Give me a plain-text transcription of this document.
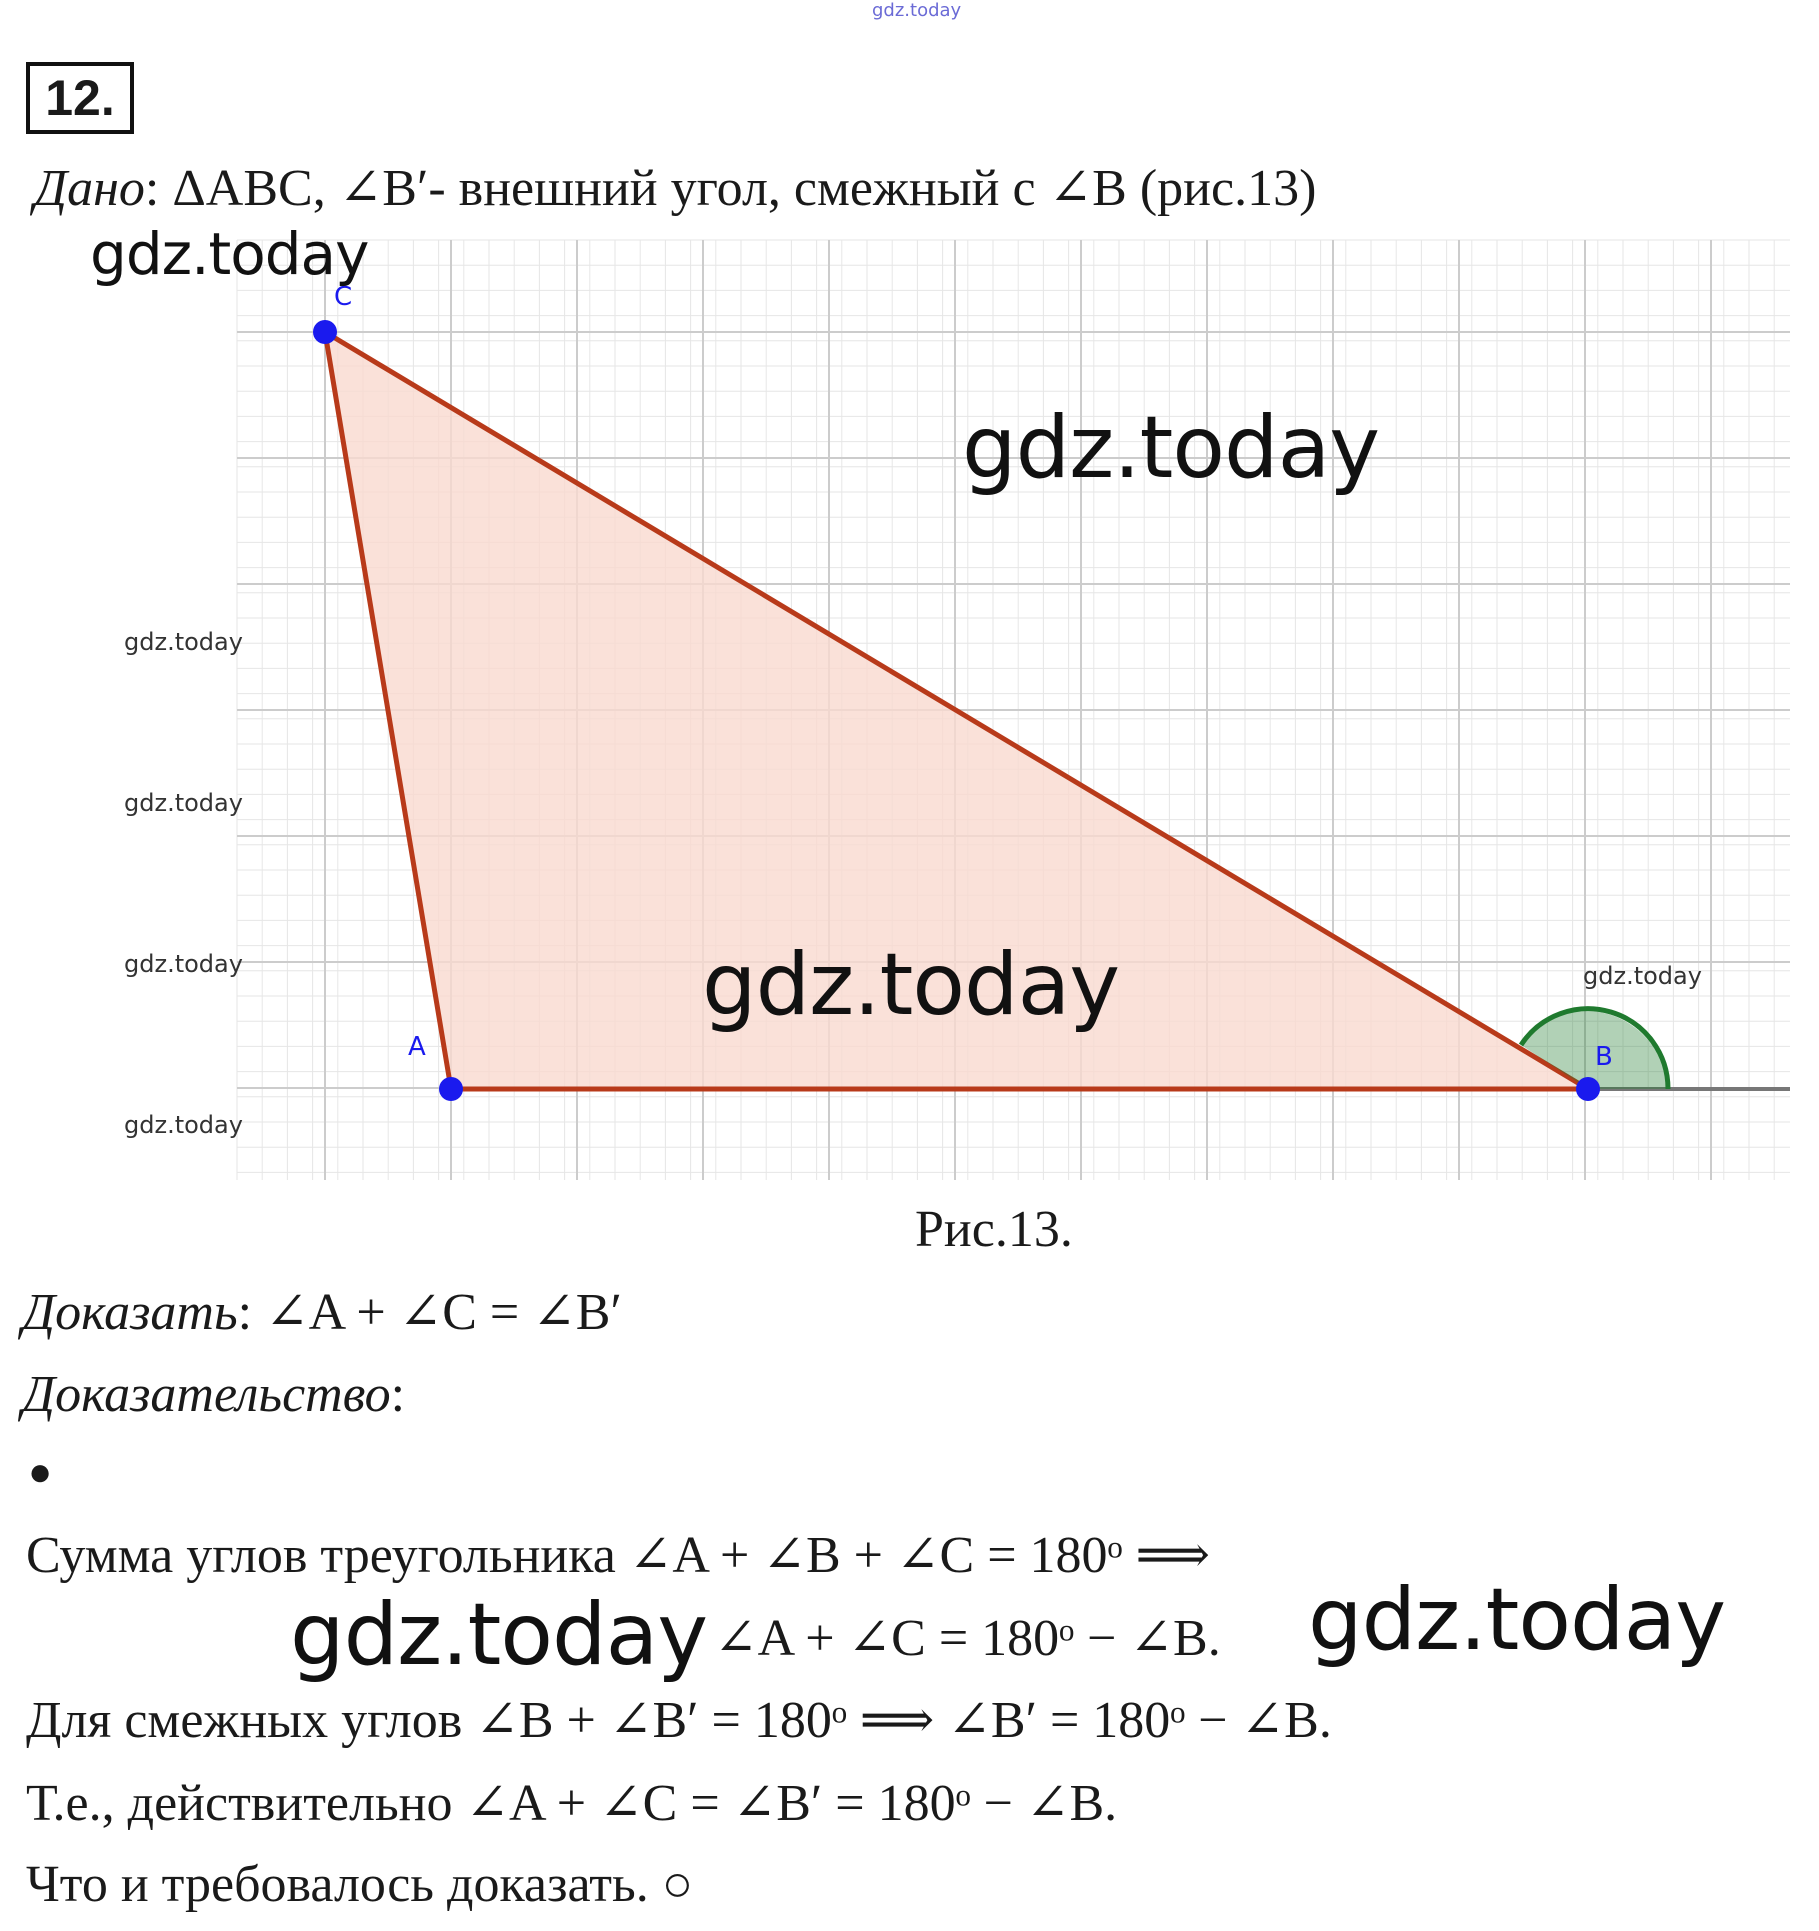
gdz.today
12.
Дано: ΔABC, ∠B′- внешний угол, смежный с ∠B (рис.13)
C
A	B
gdz.today
gdz.today
gdz.today
gdz.today
gdz.today
gdz.today
gdz.today
gdz.today
Рис.13.
Доказать: ∠A + ∠C = ∠B′
Доказательство:
●
Сумма углов треугольника ∠A + ∠B + ∠C = 180ᵒ ⟹
gdz.today ∠A + ∠C = 180ᵒ − ∠B. gdz.today
Для смежных углов ∠B + ∠B′ = 180ᵒ ⟹ ∠B′ = 180ᵒ − ∠B.
Т.е., действительно ∠A + ∠C = ∠B′ = 180ᵒ − ∠B.
Что и требовалось доказать. ○
